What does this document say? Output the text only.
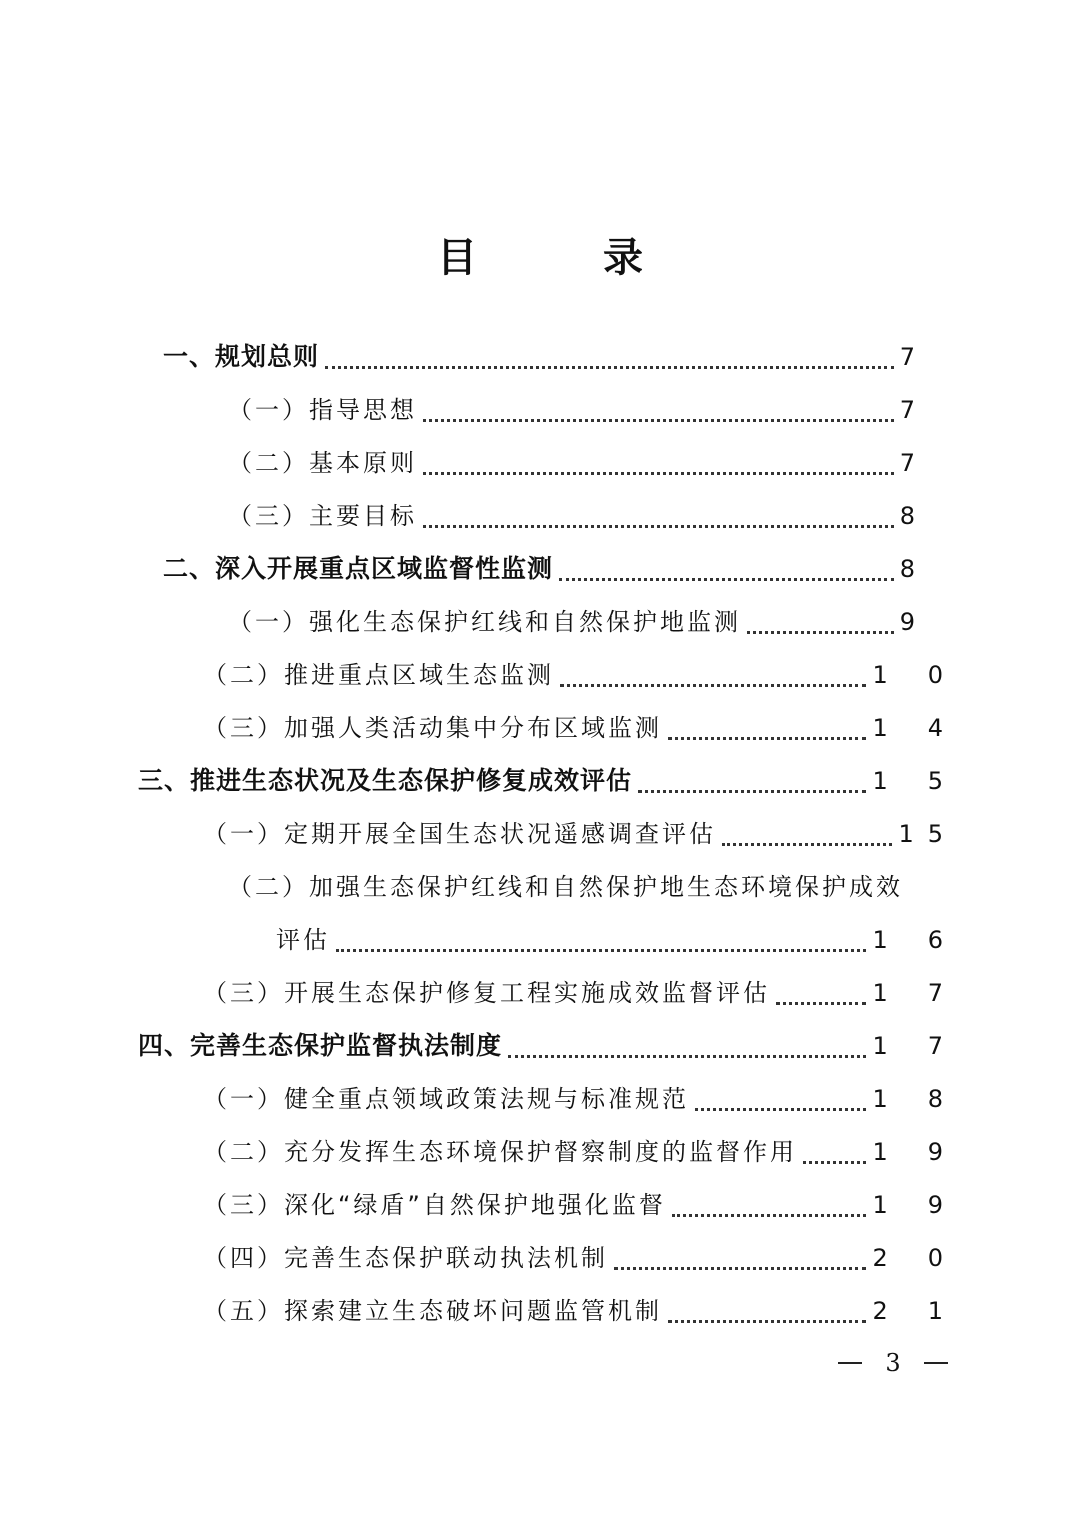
目 录
一、规划总则	7
（一）指导思想	7
（二）基本原则	7
（三）主要目标	8
二、深入开展重点区域监督性监测	8
（一）强化生态保护红线和自然保护地监测	9
（二）推进重点区域生态监测	10
（三）加强人类活动集中分布区域监测	14
三、推进生态状况及生态保护修复成效评估	15
（一）定期开展全国生态状况遥感调查评估	15
（二）加强生态保护红线和自然保护地生态环境保护成效
评估	16
（三）开展生态保护修复工程实施成效监督评估	17
四、完善生态保护监督执法制度	17
（一）健全重点领域政策法规与标准规范	18
（二）充分发挥生态环境保护督察制度的监督作用	19
（三）深化“绿盾”自然保护地强化监督	19
（四）完善生态保护联动执法机制	20
（五）探索建立生态破坏问题监管机制	21
3
